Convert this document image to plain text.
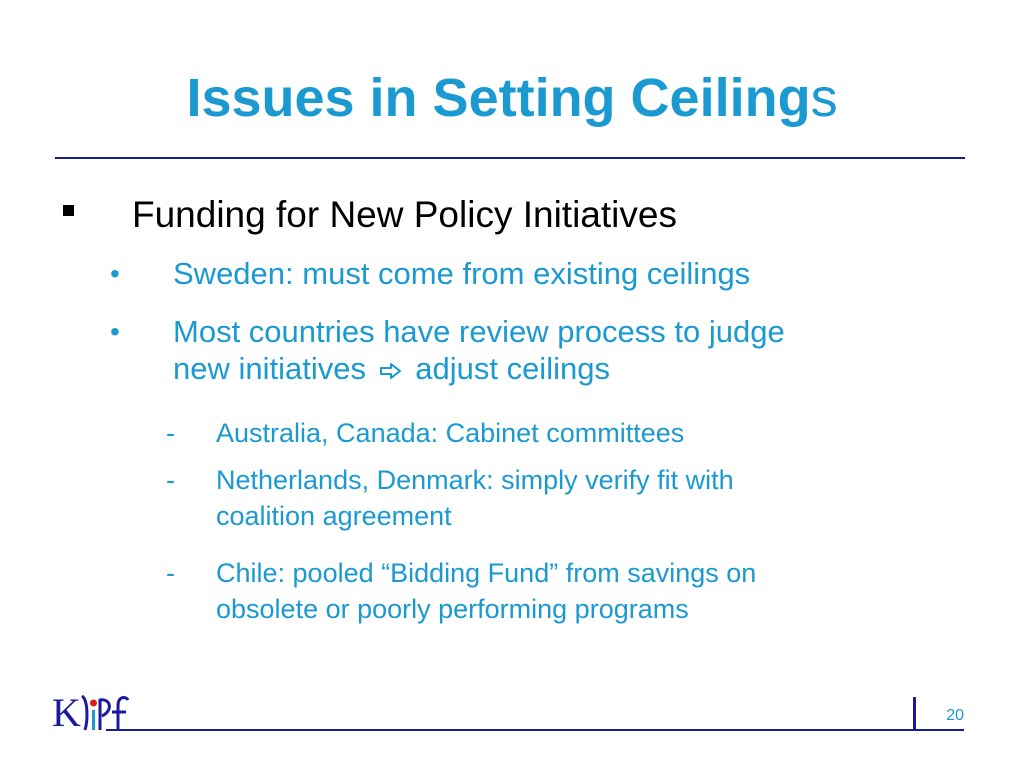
Issues in Setting Ceilings
Funding for New Policy Initiatives
• Sweden: must come from existing ceilings
• Most countries have review process to judge
new initiatives adjust ceilings
- Australia, Canada: Cabinet committees
- Netherlands, Denmark: simply verify fit with
coalition agreement
- Chile: pooled “Bidding Fund” from savings on
obsolete or poorly performing programs
K	20
